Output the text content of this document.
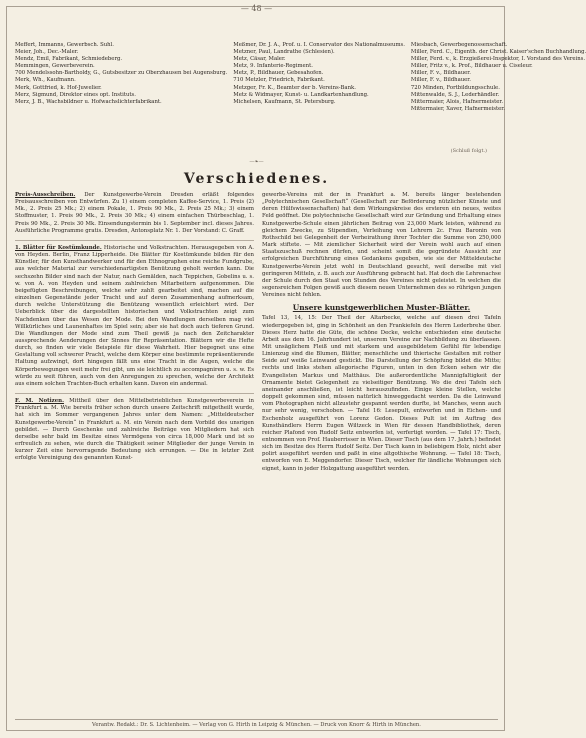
— 48 —
Meffert, Immanns, Gewerbsch. Suhl.
Meier, Joh., Dec.-Maler.
Mendz, Emil, Fabrikant, Schmiedeberg.
Memmingen, Gewerbeverein.
700 Mendelssohn-Bartholdy, G., Gutsbesitzer zu Oberzhausen bei Augensburg.
Merk, Wh., Kaufmann.
Merk, Gottfried, k. Hof-Juwelier.
Merz, Sigmund, Direktor eines opt. Instituts.
Merz, J. B., Wachsbildner u. Hofwachslichterfabrikant.
Meßmer, Dr. J. A., Prof. u. I. Conservator des Nationalmuseums.
Metzner, Paul, Landrathe (Schlesien).
Metz, Cäsar, Maler.
Metz, 9. Infanterie-Regiment.
Metz, P., Bildhauer, Gebesahofen.
710 Metzler, Friedrich, Fabrikant.
Metzger, Fr. K., Beamter der b. Vereins-Bank.
Metz & Widmayer, Kunst- u. Landkartenhandlung.
Michelsen, Kaufmann, St. Petersburg.
Miesbach, Gewerbegenossenschaft.
Miller, Ferd. C., Eigenth. der Christ. Kaiser'schen Buchhandlung.
Miller, Ferd. v., k. Erzgießerei-Inspektor, I. Vorstand des Vereins.
Miller, Fritz v., k. Prof., Bildhauer u. Ciseleur.
Miller, F. v., Bildhauer.
Miller, F. v., Bildhauer.
720 Minden, Fortbildungsschule.
Mittenwalde, S. J., Lederhändler.
Mittermaier, Alois, Hafnermeister.
Mittermaier, Xaver, Hafnermeister.
(Schluß folgt.)
—❧—
Verschiedenes.

Preis-Ausschreiben. Der Kunstgewerbe-Verein Dresden erläßt folgendes Preisausschreiben von Entwürfen. Zu 1) einem completen Kaffee-Service, 1. Preis (2) Mk., 2. Preis 25 Mk.; 2) einem Pokale, 1. Preis 90 Mk., 2. Preis 25 Mk.; 3) einem Stoffmuster, 1. Preis 90 Mk., 2. Preis 30 Mk.; 4) einem einfachen Thürbeschlag, 1. Preis 90 Mk., 2. Preis 30 Mk. Einsendungstermin bis 1. September incl. dieses Jahres. Ausführliche Programme gratis. Dresden, Antonsplatz Nr. 1. Der Vorstand: C. Graff.

1. Blätter für Kostümkunde. Historische und Volkstrachten. Herausgegeben von A. von Heyden. Berlin, Franz Lipperheide. Die Blätter für Kostümkunde bilden für den Künstler, für den Kunsthandwerker und für den Ethnographen eine reiche Fundgrube, aus welcher Material zur verschiedenartigsten Benützung geholt werden kann. Die sechszehn Bilder sind nach der Natur, nach Gemälden, nach Teppichen, Gobelins u. s. w. von A. von Heyden und seinem zahlreichen Mitarbeitern aufgenommen. Die beigefügten Beschreibungen, welche sehr zahlt gearbeitet sind, machen auf die einzelnen Gegenstände jeder Tracht und auf deren Zusammenhang aufmerksam, durch welche Unterstützung die Benützung wesentlich erleichtert wird. Der Ueberblick über die dargestellten historischen und Volkstrachten zeigt zum Nachdenken über das Wesen der Mode. Bei den Wandlungen derselben mag viel Willkürliches und Launenhaftes im Spiel sein; aber sie hat doch auch tieferen Grund. Die Wandlungen der Mode sind zum Theil gewiß ja nach den Zeitcharakter aussprechende Aenderungen der Sinnes für Repräsentation. Blättern wir die Hefte durch, so finden wir viele Beispiele für diese Wahrheit. Hier begegnet uns eine Gestaltung voll schwerer Pracht, welche dem Körper eine bestimmte repräsentierende Haltung aufzwingt, dort hingegen fällt uns eine Tracht in die Augen, welche die Körperbewegungen weit mehr frei gibt, um sie leichtlich zu accompagniren u. s. w. Es würde zu weit führen, auch von den Anregungen zu sprechen, welche der Architekt aus einem solchen Trachten-Buch erhalten kann. Davon ein andermal.

F. M. Notizen. Mittheil über den Mittelbetrieblichen Kunstgewerbeverein in Frankfurt a. M. Wie bereits früher schon durch unsere Zeitschrift mitgetheilt wurde, hat sich im Sommer vergangenen Jahres unter dem Namen: „Mitteldeutscher Kunstgewerbe-Verein“ in Frankfurt a. M. ein Verein nach dem Vorbild des unsrigen gebildet. — Durch Geschenke und zahlreiche Beiträge von Mitgliedern hat sich derselbe sehr bald im Besitze eines Vermögens von circa 18,000 Mark und ist so erfreulich zu sehen, wie durch die Thätigkeit seiner Mitglieder der junge Verein in kurzer Zeit eine hervorragende Bedeutung sich errungen. — Die in letzter Zeit erfolgte Vereinigung des genannten Kunst-

gewerbe-Vereins mit der in Frankfurt a. M. bereits länger bestehenden „Polytechnischen Gesellschaft“ (Gesellschaft zur Beförderung nützlicher Künste und deren Hülfswissenschaften) hat dem Wirkungskreise des ersteren ein neues, weites Feld geöffnet. Die polytechnische Gesellschaft wird zur Gründung und Erhaltung eines Kunstgewerbe-Schule einen jährlichen Beitrag von 23,000 Mark leisten, während zu gleichem Zwecke, zu Stipendien, Verleihung von Lehrern 2c. Frau Baronin von Rothschild bei Gelegenheit der Verheirathung ihrer Tochter die Summe von 250,000 Mark stiftete. — Mit ziemlicher Sicherheit wird der Verein wohl auch auf einen Staatszuschuß rechnen dürfen, und scheint somit die gegründete Aussicht zur erfolgreichen Durchführung eines Gedankens gegeben, wie sie der Mitteldeutsche Kunstgewerbe-Verein jetzt wohl in Deutschland gesucht, weil derselbe mit viel geringeren Mitteln, z. B. auch zur Ausführung gebracht hat. Hat doch die Lehrenachse der Schule durch den Staat von Stunden des Vereines nicht geleistet. In welchen die segensreichen Folgen gewiß auch diesem neuen Unternehmen des so rührigen jungen Vereines nicht fehlen.

Unsere kunstgewerblichen Muster-Blätter.

Tafel 13, 14, 15: Der Theil der Altarbecke, welche auf diesen drei Tafeln wiedergegeben ist, ging in Schönheit an den Frankiefeln des Herrn Lederbrehe über. Dieses Herz hatte die Güte, die schöne Decke, welche entschieden eine deutsche Arbeit aus dem 16. Jahrhundert ist, unserem Vereine zur Nachbildung zu überlassen. Mit unsäglichem Fleiß und mit starkem und ausgebildetem Gefühl für lebendige Linienzug sind die Blumen, Blätter, menschliche und thierische Gestalten mit rother Seide auf weiße Leinwand gestickt. Die Darstellung der Schöpfung bildet die Mitte; rechts und links stehen allegorische Figuren, unten in den Ecken sehen wir die Evangelisten Markus und Matthäus. Die außerordentliche Mannigfaltigkeit der Ornamente bietet Gelegenheit zu vielseitiger Benützung. Wo die drei Tafeln sich aneinander anschließen, ist leicht herauszufinden. Einige kleine Stellen, welche doppelt gekommen sind, müssen natürlich hinweggedacht werden. Da die Leinwand vom Photographen nicht allzustehr gespannt werden durfte, ist Manches, wenn auch nur sehr wenig, verschoben. — Tafel 16: Lesepult, entworfen und in Eichen- und Eschenholz ausgeführt von Lorenz Gedon. Dieses Pult ist im Auftrag des Kunsthändlers Herrn Eugen Wiltzeck in Wien für dessen Handbibliothek, deren reicher Plafond von Rudolf Seitz entworfen ist, verfertigt worden. — Tafel 17: Tisch, entnommen von Prof. Hauberrisser in Wien. Dieser Tisch (aus dem 17. Jahrh.) befindet sich im Besitze des Herrn Rudolf Seitz. Der Tisch kann in beliebigem Holz, nicht aber polirt ausgeführt werden und paßt in eine altgothische Wohnung. — Tafel 18: Tisch, entworfen von E. Meggendorfer. Dieser Tisch, welcher für ländliche Wohnungen sich eignet, kann in jeder Holzgattung ausgeführt werden.

Verantw. Redakt.: Dr. S. Lichtenheim. — Verlag von G. Hirth in Leipzig & München. — Druck von Knorr & Hirth in München.
